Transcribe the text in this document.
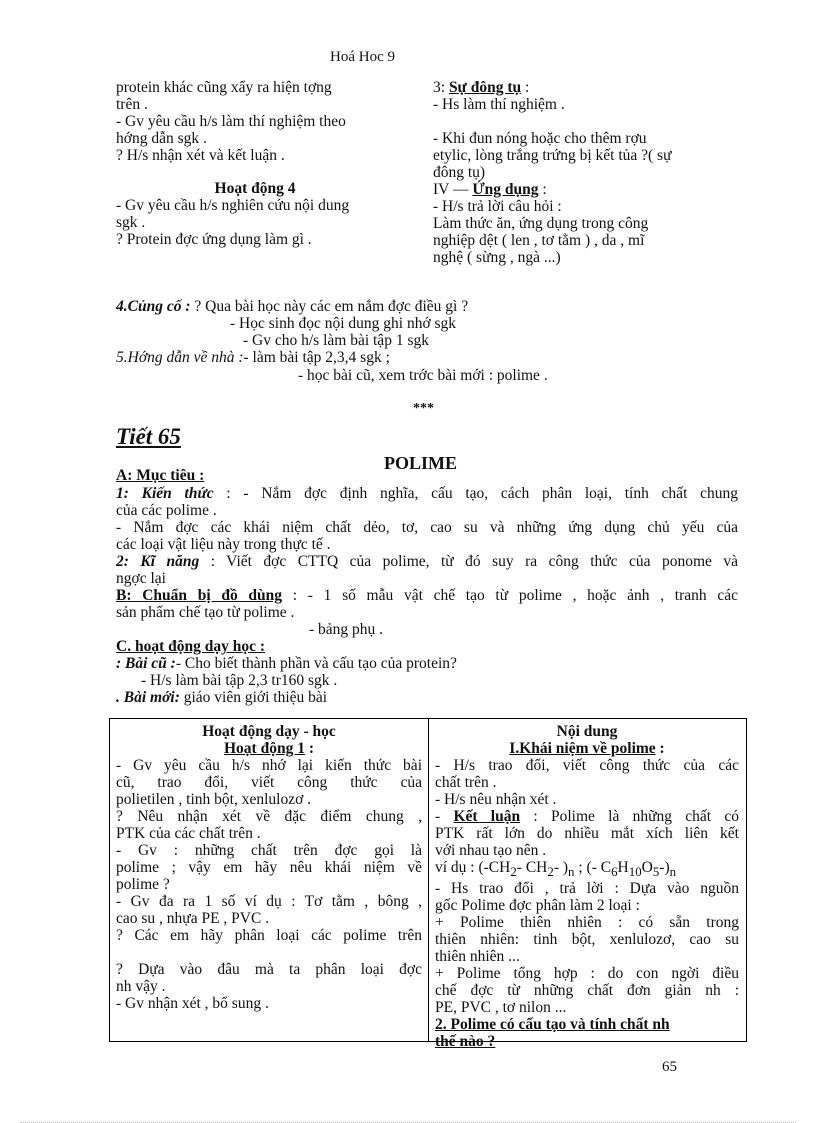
Hoá Hoc 9
protein khác cũng xẩy ra hiện tợng
trên .
- Gv yêu cầu h/s làm thí nghiệm theo
hớng dẫn sgk .
? H/s nhận xét và kết luận .
Hoạt động 4
- Gv yêu cầu h/s nghiên cứu nội dung
sgk .
? Protein đợc ứng dụng làm gì .
3: Sự đông tụ :
- Hs làm thí nghiệm .
- Khi đun nóng hoặc cho thêm rợu
etylic, lòng trắng trứng bị kết tủa ?( sự
đông tụ)
IV — Ứng dụng :
- H/s trả lời câu hỏi :
Làm thức ăn, ứng dụng trong công
nghiệp dệt ( len , tơ tằm ) , da , mĩ
nghệ ( sừng , ngà ...)
4.Củng cố : ? Qua bài học này các em nắm đợc điều gì ?
- Học sinh đọc nội dung ghi nhớ sgk
- Gv cho h/s làm bài tập 1 sgk
5.Hớng dẫn về nhà :- làm bài tập 2,3,4 sgk ;
- học bài cũ, xem trớc bài mới : polime .
***
Tiết 65
POLIME
A: Mục tiêu :
1: Kiến thức : - Nắm đợc định nghĩa, cấu tạo, cách phân loại, tính chất chung
của các polime .
- Nắm đợc các khái niệm chất dẻo, tơ, cao su và những ứng dụng chủ yếu của
các loại vật liệu này trong thực tế .
2: Kĩ năng : Viết đợc CTTQ của polime, từ đó suy ra công thức của ponome và
ngợc lại
B: Chuẩn bị đồ dùng : - 1 số mẫu vật chế tạo từ polime , hoặc ảnh , tranh các
sản phẩm chế tạo từ polime .
- bảng phụ .
C. hoạt động dạy học :
: Bài cũ :- Cho biết thành phần và cấu tạo của protein?
- H/s làm bài tập 2,3 tr160 sgk .
. Bài mới: giáo viên giới thiệu bài
Hoạt động dạy - học
Hoạt động 1 :
- Gv yêu cầu h/s nhớ lại kiến thức bài
cũ, trao đổi, viết công thức của
polietilen , tinh bột, xenlulozơ .
? Nêu nhận xét về đặc điểm chung ,
PTK của các chất trên .
- Gv : những chất trên đợc gọi là
polime ; vậy em hãy nêu khái niệm về
polime ?
- Gv đa ra 1 số ví dụ : Tơ tằm , bông ,
cao su , nhựa PE , PVC .
? Các em hãy phân loại các polime trên
? Dựa vào đâu mà ta phân loại đợc
nh vậy .
- Gv nhận xét , bổ sung .
Nội dung
I.Khái niệm về polime :
- H/s trao đổi, viết công thức của các
chất trên .
- H/s nêu nhận xét .
- Kết luận : Polime là những chất có
PTK rất lớn do nhiều mắt xích liên kết
với nhau tạo nên .
ví dụ : ($-CH_2-$ $CH_2-$ )$_n$ ; (- $C_6H_{10}O_5-)_n$
- Hs trao đổi , trả lời : Dựa vào nguồn
gốc Polime đợc phân làm 2 loại :
+ Polime thiên nhiên : có sẵn trong
thiên nhiên: tinh bột, xenlulozơ, cao su
thiên nhiên ...
+ Polime tổng hợp : do con ngời điều
chế đợc từ những chất đơn giản nh :
PE, PVC , tơ nilon ...
2. Polime có cấu tạo và tính chất nh
thế nào ?
65
